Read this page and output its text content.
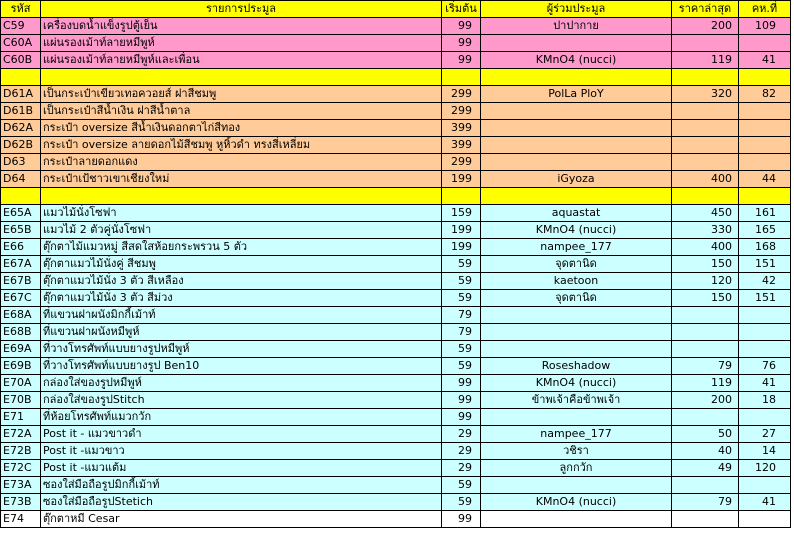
รหัส	รายการประมูล	เริ่มต้น	ผู้ร่วมประมูล	ราคาล่าสุด	คห.ที่
C59	เครื่องบดน้ำแข็งรูปตู้เย็น	99	ปาปากาย	200	109
C60A	แผ่นรองเม้าท์ลายหมีพูห์	99			
C60B	แผ่นรองเม้าท์ลายหมีพูห์และเพื่อน	99	KMnO4 (nucci)	119	41

D61A	เป็นกระเป๋าเขียวเทอควอยส์ ฝาสีชมพู	299	PolLa PloY	320	82
D61B	เป็นกระเป๋าสีน้ำเงิน ฝาสีน้ำตาล	299			
D62A	กระเป๋า oversize สีน้ำเงินดอกตาไก่สีทอง	399			
D62B	กระเป๋า oversize ลายดอกไม้สีชมพู หูหิ้วดำ ทรงสี่เหลี่ยม	399			
D63	กระเป๋าลายดอกแดง	299			
D64	กระเป๋าเป้ชาวเขาเชียงใหม่	199	iGyoza	400	44

E65A	แมวไม้นั่งโซฟา	159	aquastat	450	161
E65B	แมวไม้ 2 ตัวคู่นั่งโซฟา	199	KMnO4 (nucci)	330	165
E66	ตุ๊กตาไม้แมวหมู่ สีสดใสห้อยกระพรวน 5 ตัว	199	nampee_177	400	168
E67A	ตุ๊กตาแมวไม้นั่งคู่ สีชมพู	59	จุดตานิด	150	151
E67B	ตุ๊กตาแมวไม้นั่ง 3 ตัว สีเหลือง	59	kaetoon	120	42
E67C	ตุ๊กตาแมวไม้นั่ง 3 ตัว สีม่วง	59	จุดตานิด	150	151
E68A	ที่แขวนฝาผนังมิกกี้เม้าท์	79			
E68B	ที่แขวนฝาผนังหมีพูห์	79			
E69A	ที่วางโทรศัพท์แบบยางรูปหมีพูห์	59			
E69B	ที่วางโทรศัพท์แบบยางรูป Ben10	59	Roseshadow	79	76
E70A	กล่องใส่ของรูปหมีพูห์	99	KMnO4 (nucci)	119	41
E70B	กล่องใส่ของรูปStitch	99	ข้าพเจ้าคือข้าพเจ้า	200	18
E71	ที่ห้อยโทรศัพท์แมวกวัก	99			
E72A	Post it - แมวขาวดำ	29	nampee_177	50	27
E72B	Post it -แมวขาว	29	วชิรา	40	14
E72C	Post it -แมวแต้ม	29	ลูกกวัก	49	120
E73A	ซองใส่มือถือรูปมิกกี้เม้าท์	59			
E73B	ซองใส่มือถือรูปStetich	59	KMnO4 (nucci)	79	41
E74	ตุ๊กตาหมี Cesar	99			
